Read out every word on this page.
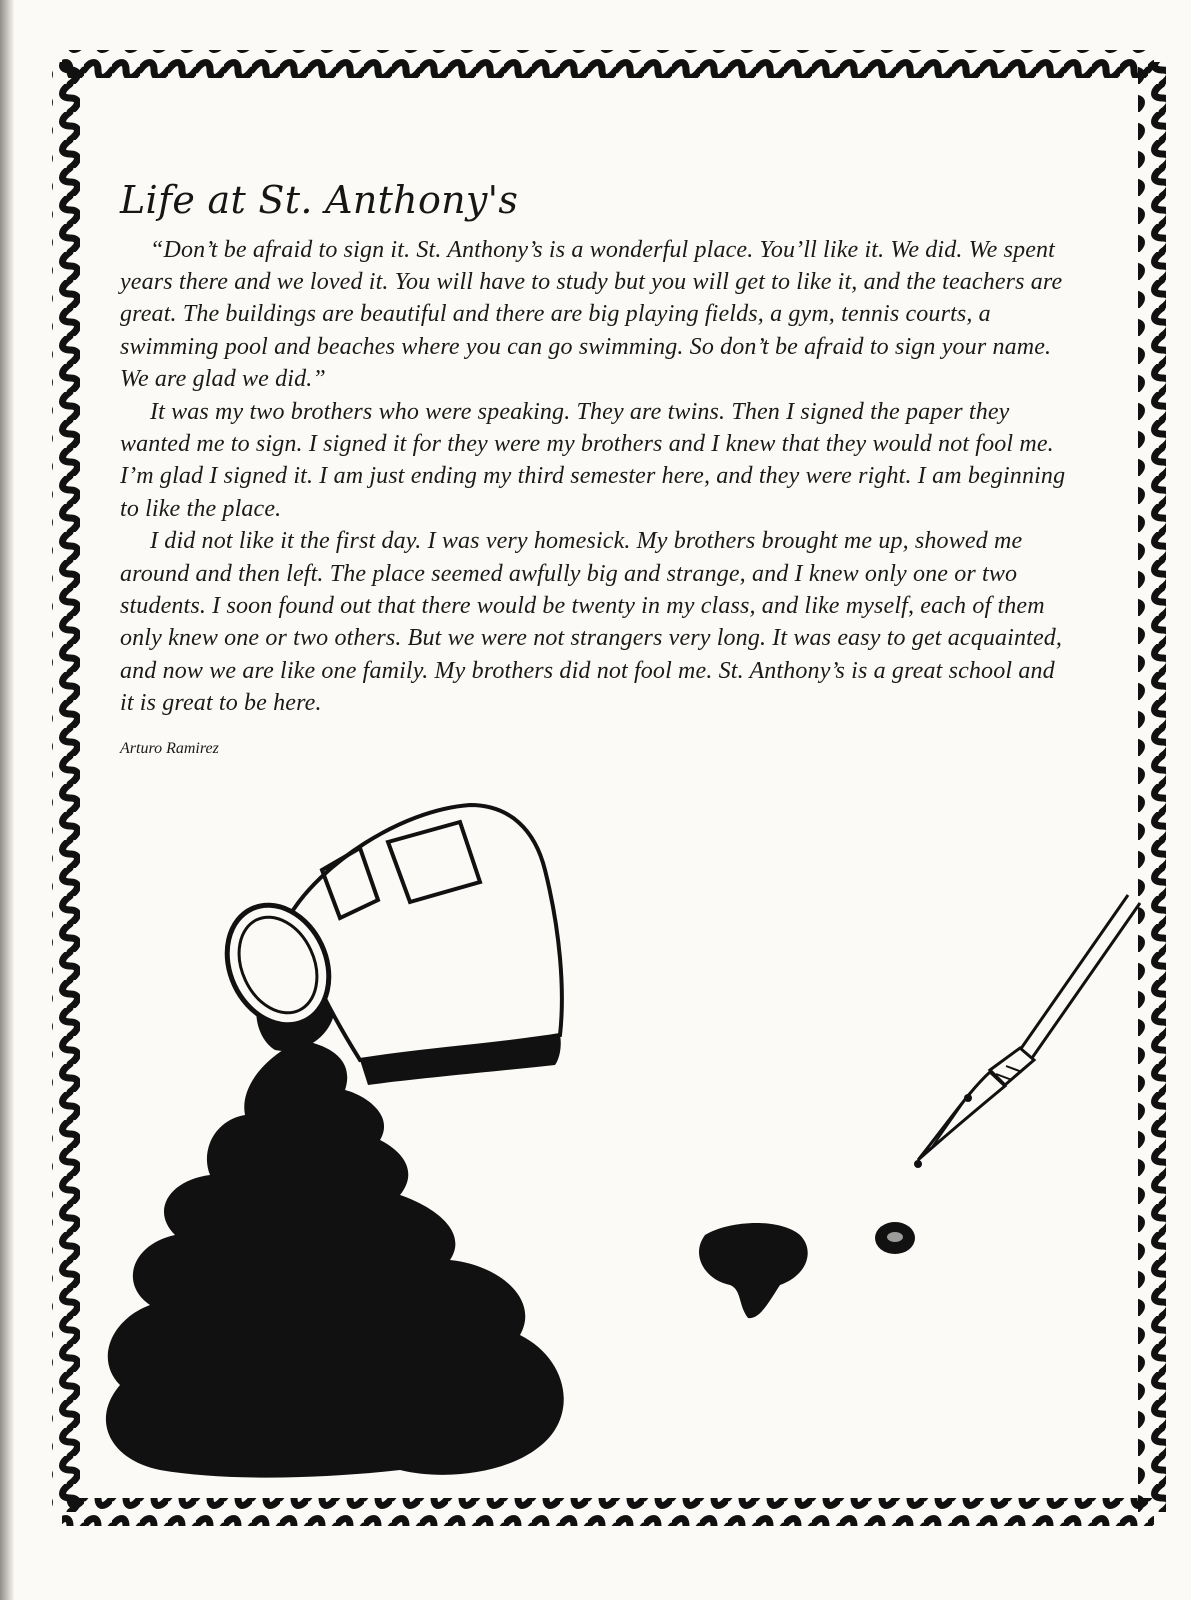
Life at St. Anthony's

“Don’t be afraid to sign it. St. Anthony’s is a wonderful place. You’ll like it. We did. We spent years there and we loved it. You will have to study but you will get to like it, and the teachers are great. The buildings are beautiful and there are big playing fields, a gym, tennis courts, a swimming pool and beaches where you can go swimming. So don’t be afraid to sign your name. We are glad we did.”

It was my two brothers who were speaking. They are twins. Then I signed the paper they wanted me to sign. I signed it for they were my brothers and I knew that they would not fool me. I’m glad I signed it. I am just ending my third semester here, and they were right. I am beginning to like the place.

I did not like it the first day. I was very homesick. My brothers brought me up, showed me around and then left. The place seemed awfully big and strange, and I knew only one or two students. I soon found out that there would be twenty in my class, and like myself, each of them only knew one or two others. But we were not strangers very long. It was easy to get acquainted, and now we are like one family. My brothers did not fool me. St. Anthony’s is a great school and it is great to be here.

Arturo Ramirez
